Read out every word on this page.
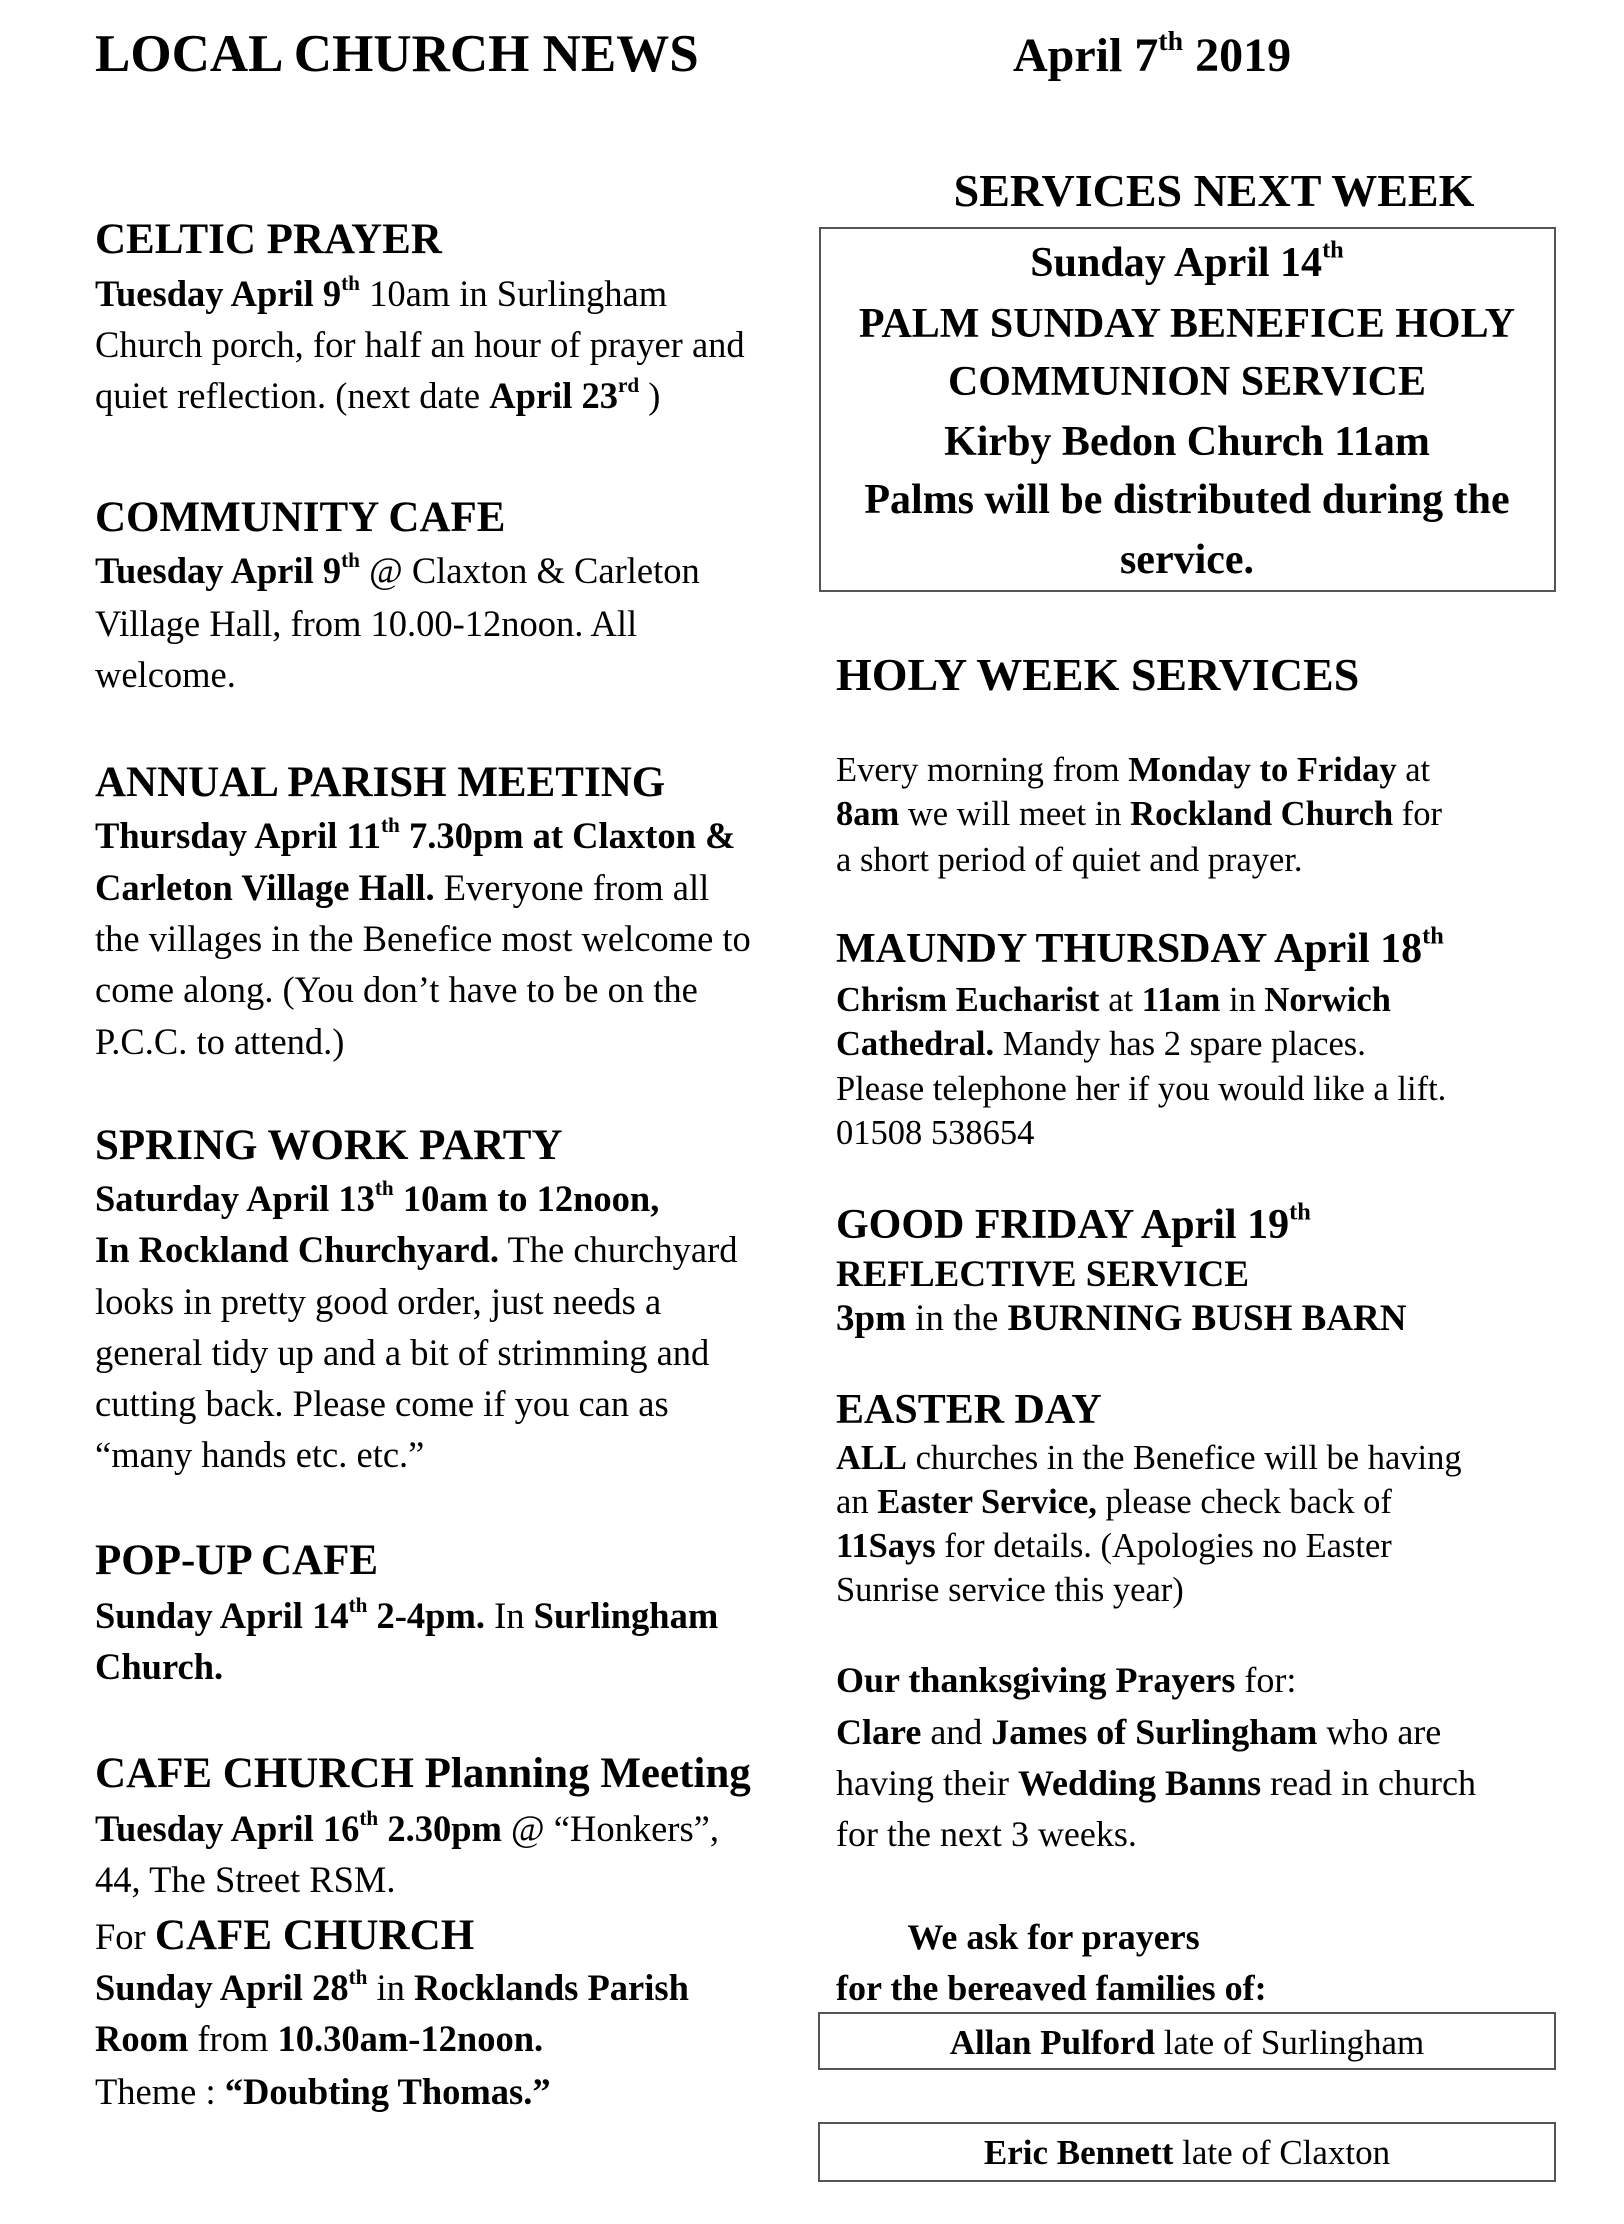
LOCAL CHURCH NEWS	April 7th 2019
CELTIC PRAYER
Tuesday April 9th 10am in Surlingham
Church porch, for half an hour of prayer and
quiet reflection. (next date April 23rd )
COMMUNITY CAFE
Tuesday April 9th @ Claxton & Carleton
Village Hall, from 10.00-12noon. All
welcome.
ANNUAL PARISH MEETING
Thursday April 11th 7.30pm at Claxton &
Carleton Village Hall. Everyone from all
the villages in the Benefice most welcome to
come along. (You don’t have to be on the
P.C.C. to attend.)
SPRING WORK PARTY
Saturday April 13th 10am to 12noon,
In Rockland Churchyard. The churchyard
looks in pretty good order, just needs a
general tidy up and a bit of strimming and
cutting back. Please come if you can as
“many hands etc. etc.”
POP-UP CAFE
Sunday April 14th 2-4pm. In Surlingham
Church.
CAFE CHURCH Planning Meeting
Tuesday April 16th 2.30pm @ “Honkers”,
44, The Street RSM.
For CAFE CHURCH
Sunday April 28th in Rocklands Parish
Room from 10.30am-12noon.
Theme : “Doubting Thomas.”
SERVICES NEXT WEEK
Sunday April 14th
PALM SUNDAY BENEFICE HOLY
COMMUNION SERVICE
Kirby Bedon Church 11am
Palms will be distributed during the
service.
HOLY WEEK SERVICES
Every morning from Monday to Friday at
8am we will meet in Rockland Church for
a short period of quiet and prayer.
MAUNDY THURSDAY April 18th
Chrism Eucharist at 11am in Norwich
Cathedral. Mandy has 2 spare places.
Please telephone her if you would like a lift.
01508 538654
GOOD FRIDAY April 19th
REFLECTIVE SERVICE
3pm in the BURNING BUSH BARN
EASTER DAY
ALL churches in the Benefice will be having
an Easter Service, please check back of
11Says for details. (Apologies no Easter
Sunrise service this year)
Our thanksgiving Prayers for:
Clare and James of Surlingham who are
having their Wedding Banns read in church
for the next 3 weeks.
We ask for prayers
for the bereaved families of:
Allan Pulford late of Surlingham
Eric Bennett late of Claxton
